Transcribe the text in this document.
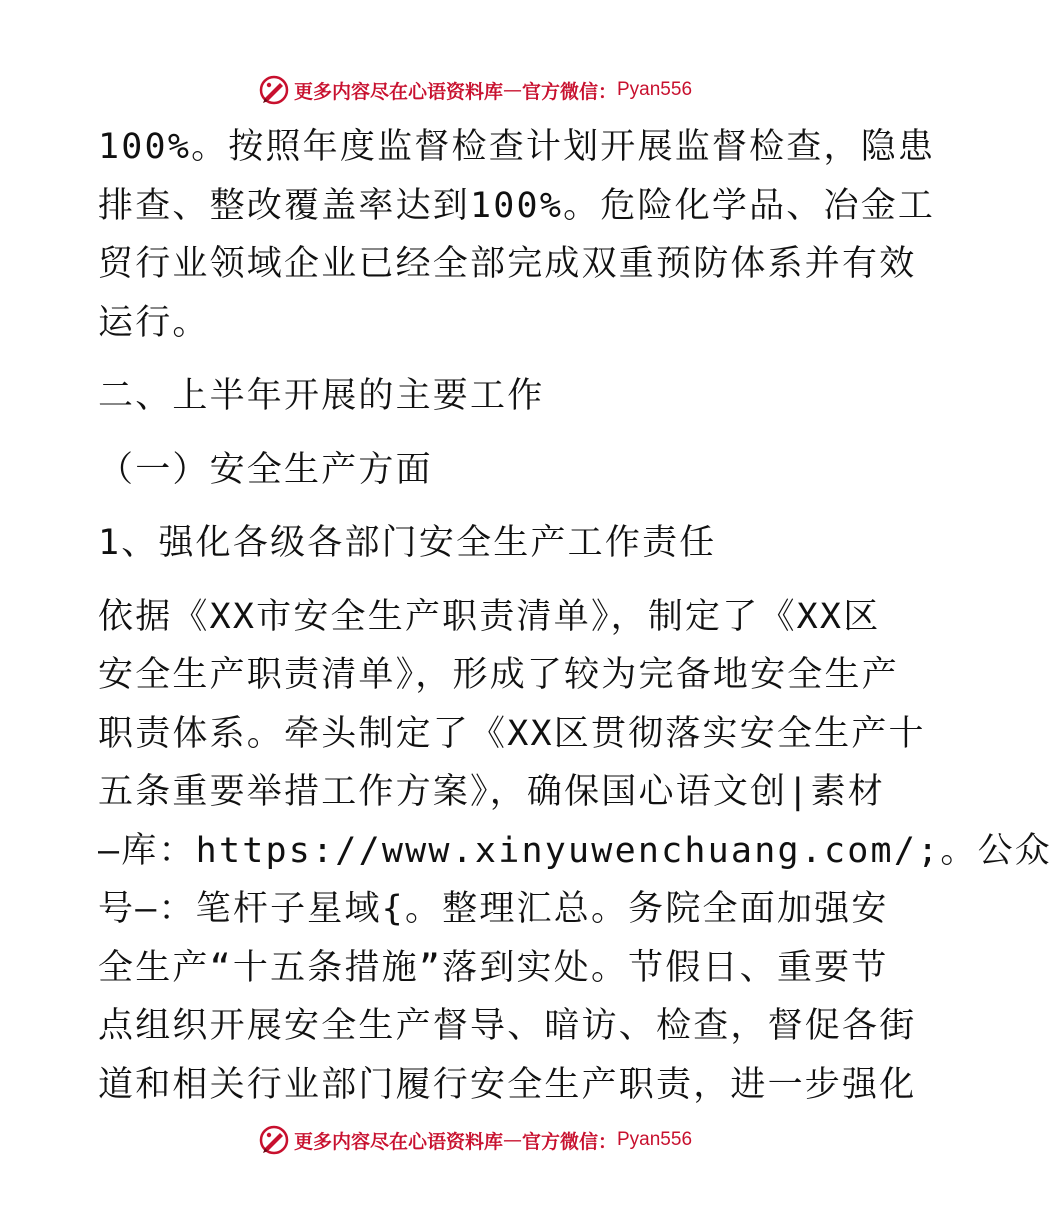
更多内容尽在心语资料库 — 官方微信： Pyan556
100%。按照年度监督检查计划开展监督检查，隐患
排查、整改覆盖率达到100%。危险化学品、冶金工
贸行业领域企业已经全部完成双重预防体系并有效
运行。
二、上半年开展的主要工作
（一）安全生产方面
1、强化各级各部门安全生产工作责任
依据《XX市安全生产职责清单》，制定了《XX区
安全生产职责清单》，形成了较为完备地安全生产
职责体系。牵头制定了《XX区贯彻落实安全生产十
五条重要举措工作方案》，确保国心语文创|素材
—库：https://www.xinyuwenchuang.com/;。公众
号—：笔杆子星域{。整理汇总。务院全面加强安
全生产“十五条措施”落到实处。节假日、重要节
点组织开展安全生产督导、暗访、检查，督促各街
道和相关行业部门履行安全生产职责，进一步强化
更多内容尽在心语资料库 — 官方微信： Pyan556
